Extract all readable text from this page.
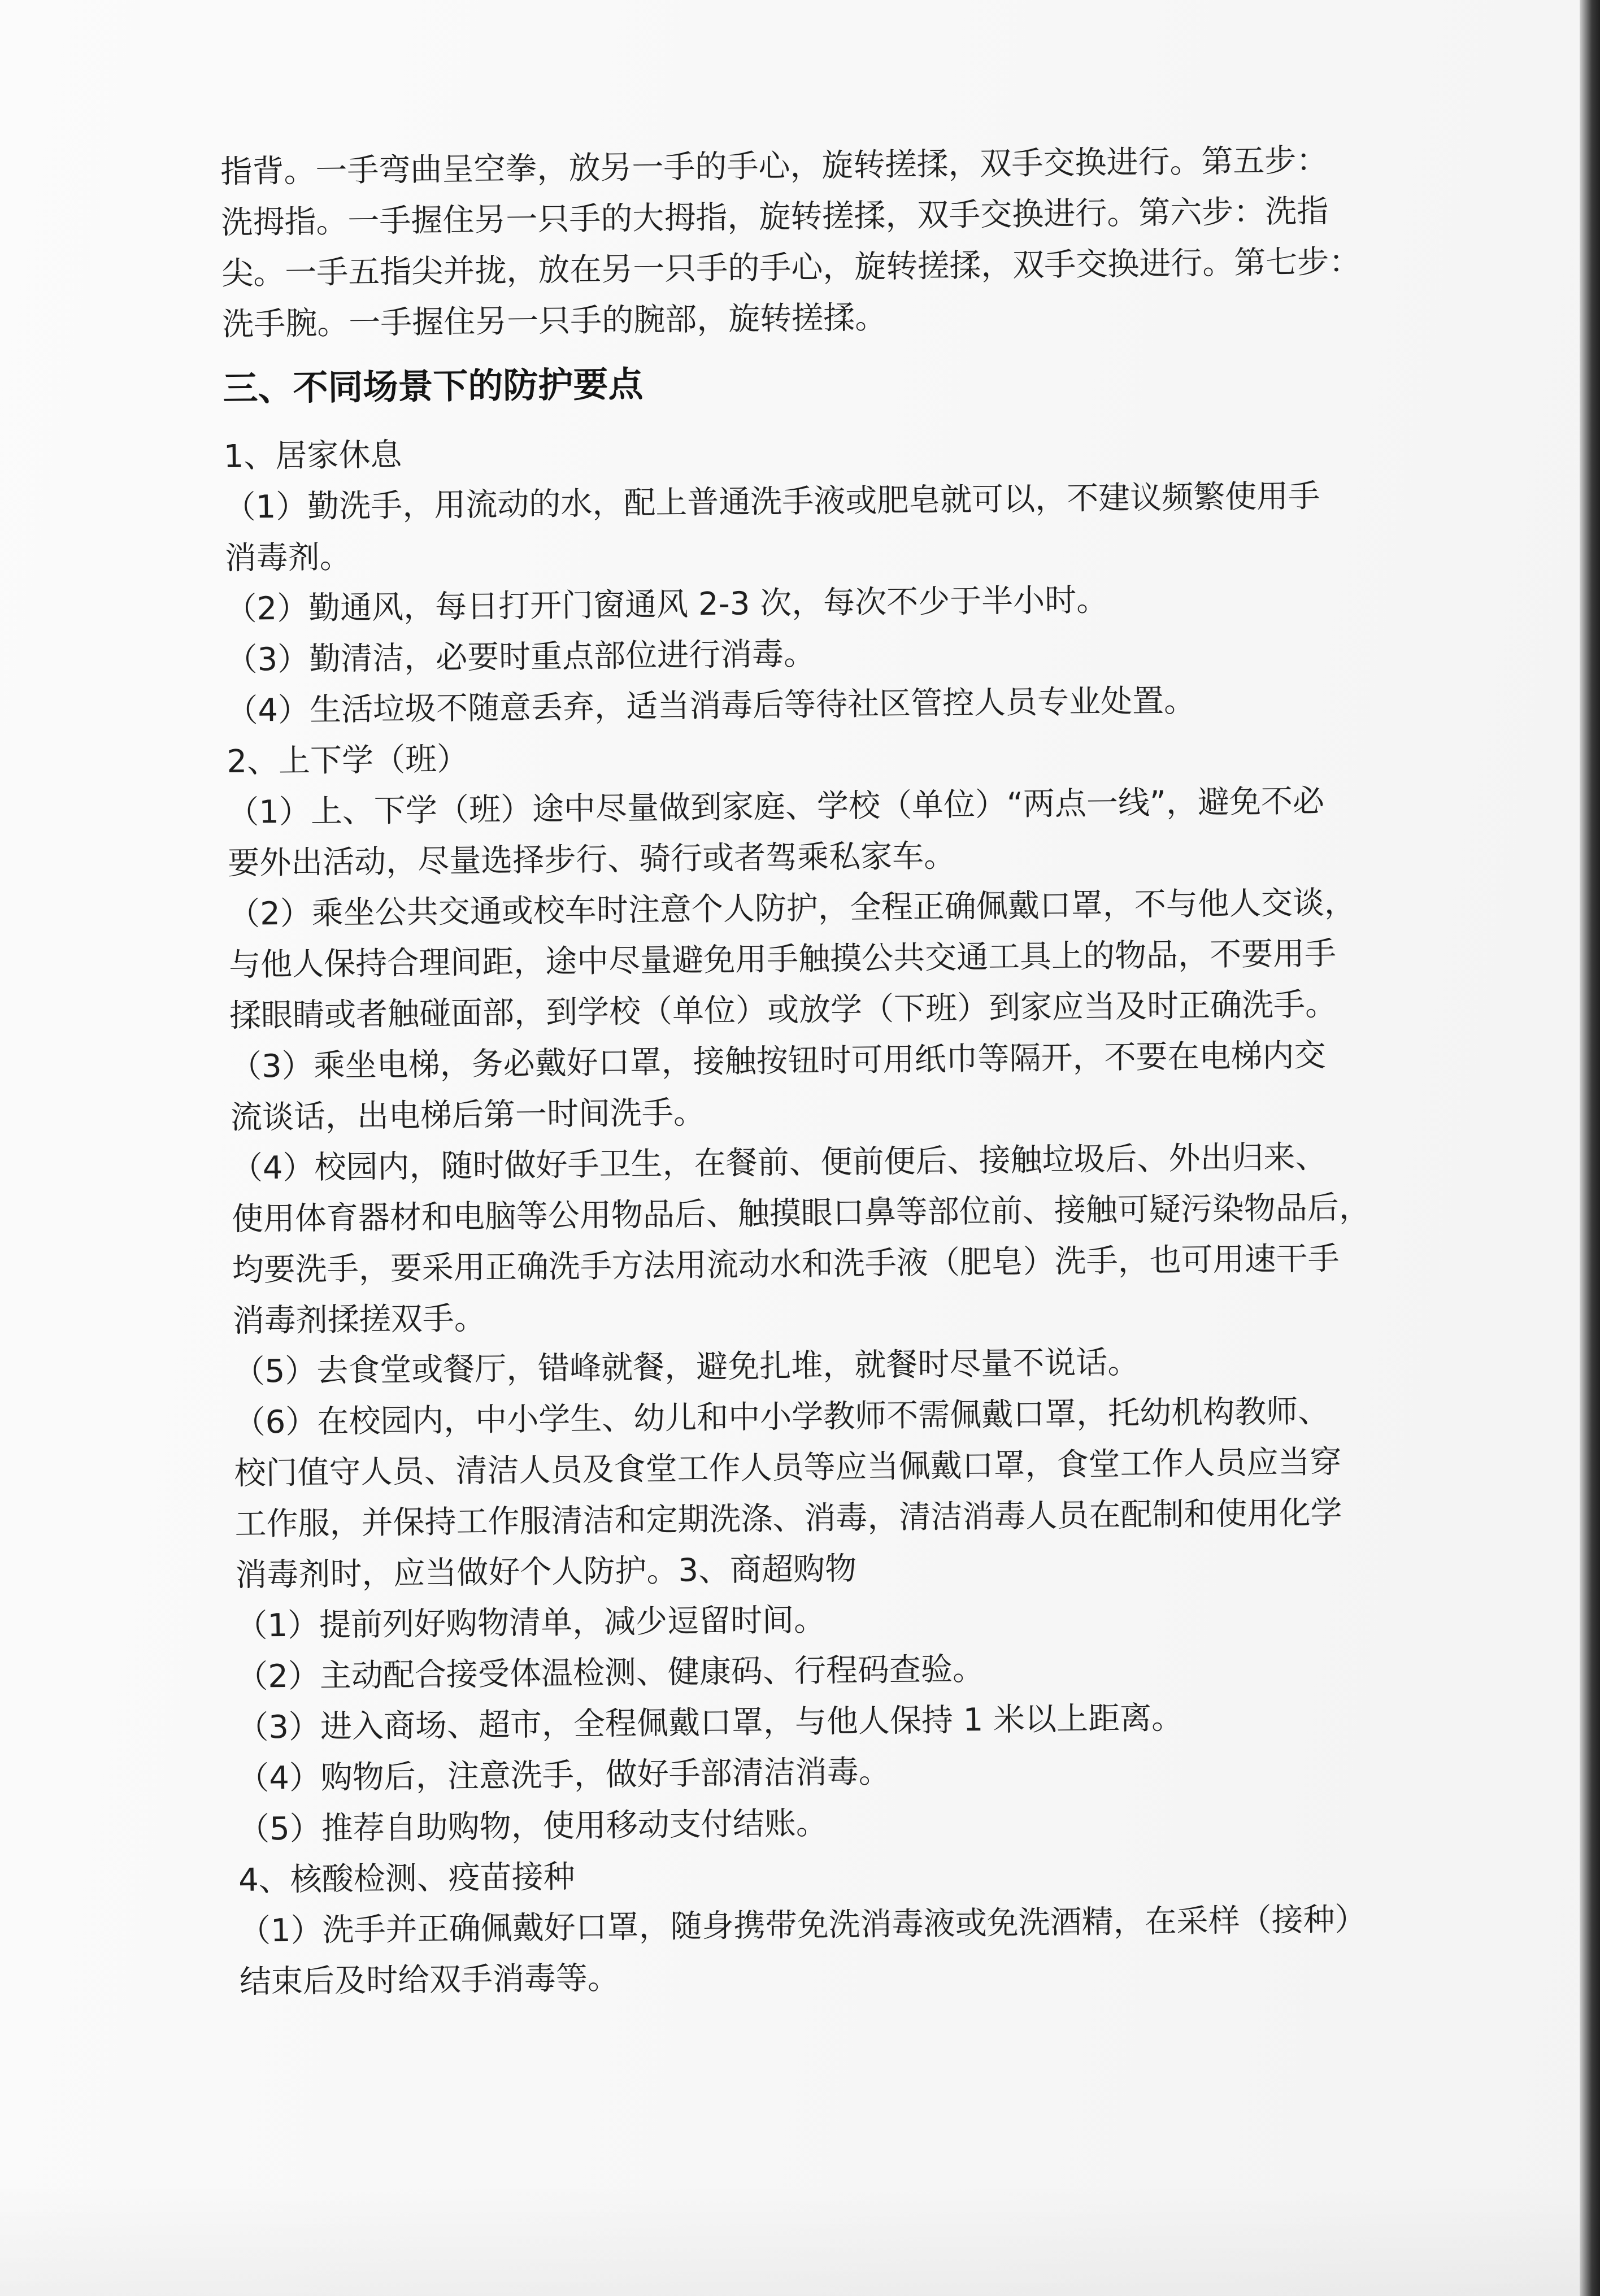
指背。一手弯曲呈空拳，放另一手的手心，旋转搓揉，双手交换进行。第五步：
洗拇指。一手握住另一只手的大拇指，旋转搓揉，双手交换进行。第六步：洗指
尖。一手五指尖并拢，放在另一只手的手心，旋转搓揉，双手交换进行。第七步：
洗手腕。一手握住另一只手的腕部，旋转搓揉。
三、不同场景下的防护要点
1、居家休息
（1）勤洗手，用流动的水，配上普通洗手液或肥皂就可以，不建议频繁使用手
消毒剂。
（2）勤通风，每日打开门窗通风 2-3 次，每次不少于半小时。
（3）勤清洁，必要时重点部位进行消毒。
（4）生活垃圾不随意丢弃，适当消毒后等待社区管控人员专业处置。
2、上下学（班）
（1）上、下学（班）途中尽量做到家庭、学校（单位）“两点一线”，避免不必
要外出活动，尽量选择步行、骑行或者驾乘私家车。
（2）乘坐公共交通或校车时注意个人防护，全程正确佩戴口罩，不与他人交谈，
与他人保持合理间距，途中尽量避免用手触摸公共交通工具上的物品，不要用手
揉眼睛或者触碰面部，到学校（单位）或放学（下班）到家应当及时正确洗手。
（3）乘坐电梯，务必戴好口罩，接触按钮时可用纸巾等隔开，不要在电梯内交
流谈话，出电梯后第一时间洗手。
（4）校园内，随时做好手卫生，在餐前、便前便后、接触垃圾后、外出归来、
使用体育器材和电脑等公用物品后、触摸眼口鼻等部位前、接触可疑污染物品后，
均要洗手，要采用正确洗手方法用流动水和洗手液（肥皂）洗手，也可用速干手
消毒剂揉搓双手。
（5）去食堂或餐厅，错峰就餐，避免扎堆，就餐时尽量不说话。
（6）在校园内，中小学生、幼儿和中小学教师不需佩戴口罩，托幼机构教师、
校门值守人员、清洁人员及食堂工作人员等应当佩戴口罩，食堂工作人员应当穿
工作服，并保持工作服清洁和定期洗涤、消毒，清洁消毒人员在配制和使用化学
消毒剂时，应当做好个人防护。3、商超购物
（1）提前列好购物清单，减少逗留时间。
（2）主动配合接受体温检测、健康码、行程码查验。
（3）进入商场、超市，全程佩戴口罩，与他人保持 1 米以上距离。
（4）购物后，注意洗手，做好手部清洁消毒。
（5）推荐自助购物，使用移动支付结账。
4、核酸检测、疫苗接种
（1）洗手并正确佩戴好口罩，随身携带免洗消毒液或免洗酒精，在采样（接种）
结束后及时给双手消毒等。
